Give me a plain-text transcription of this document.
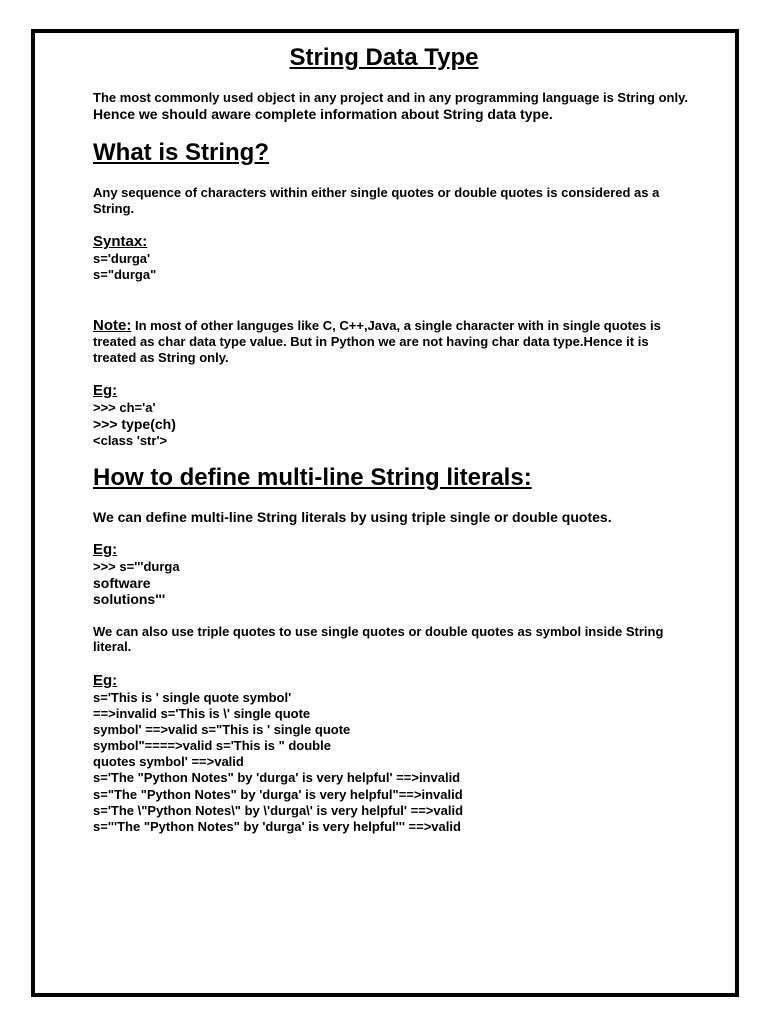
String Data Type
The most commonly used object in any project and in any programming language is String only.
Hence we should aware complete information about String data type.
What is String?
Any sequence of characters within either single quotes or double quotes is considered as a
String.
Syntax:
s='durga'
s="durga"
Note: In most of other languges like C, C++,Java, a single character with in single quotes is
treated as char data type value. But in Python we are not having char data type.Hence it is
treated as String only.
Eg:
>>> ch='a'
>>> type(ch)
<class 'str'>
How to define multi-line String literals:
We can define multi-line String literals by using triple single or double quotes.
Eg:
>>> s='''durga
software
solutions'''
We can also use triple quotes to use single quotes or double quotes as symbol inside String
literal.
Eg:
s='This is ' single quote symbol'
==>invalid s='This is \' single quote
symbol' ==>valid s="This is ' single quote
symbol"====>valid s='This is " double
quotes symbol' ==>valid
s='The "Python Notes" by 'durga' is very helpful' ==>invalid
s="The "Python Notes" by 'durga' is very helpful"==>invalid
s='The \"Python Notes\" by \'durga\' is very helpful' ==>valid
s='''The "Python Notes" by 'durga' is very helpful''' ==>valid
